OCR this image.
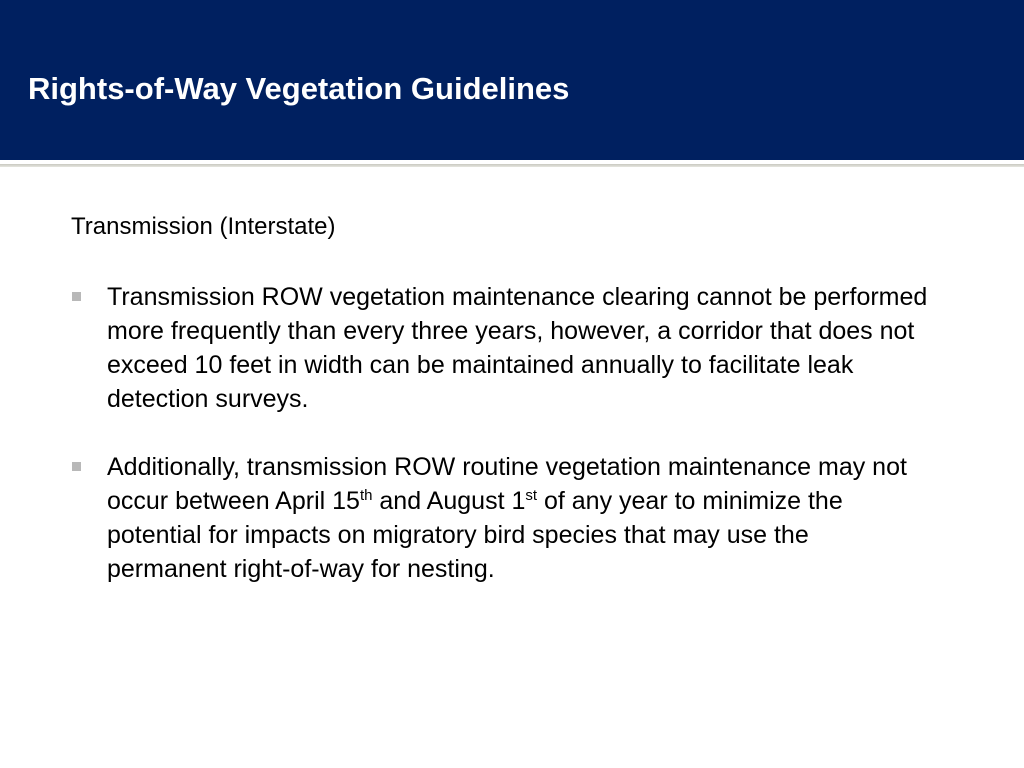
Rights-of-Way Vegetation Guidelines
Transmission (Interstate)

Transmission ROW vegetation maintenance clearing cannot be performed more frequently than every three years, however, a corridor that does not exceed 10 feet in width can be maintained annually to facilitate leak detection surveys.

Additionally, transmission ROW routine vegetation maintenance may not occur between April 15th and August 1st of any year to minimize the potential for impacts on migratory bird species that may use the permanent right-of-way for nesting.
